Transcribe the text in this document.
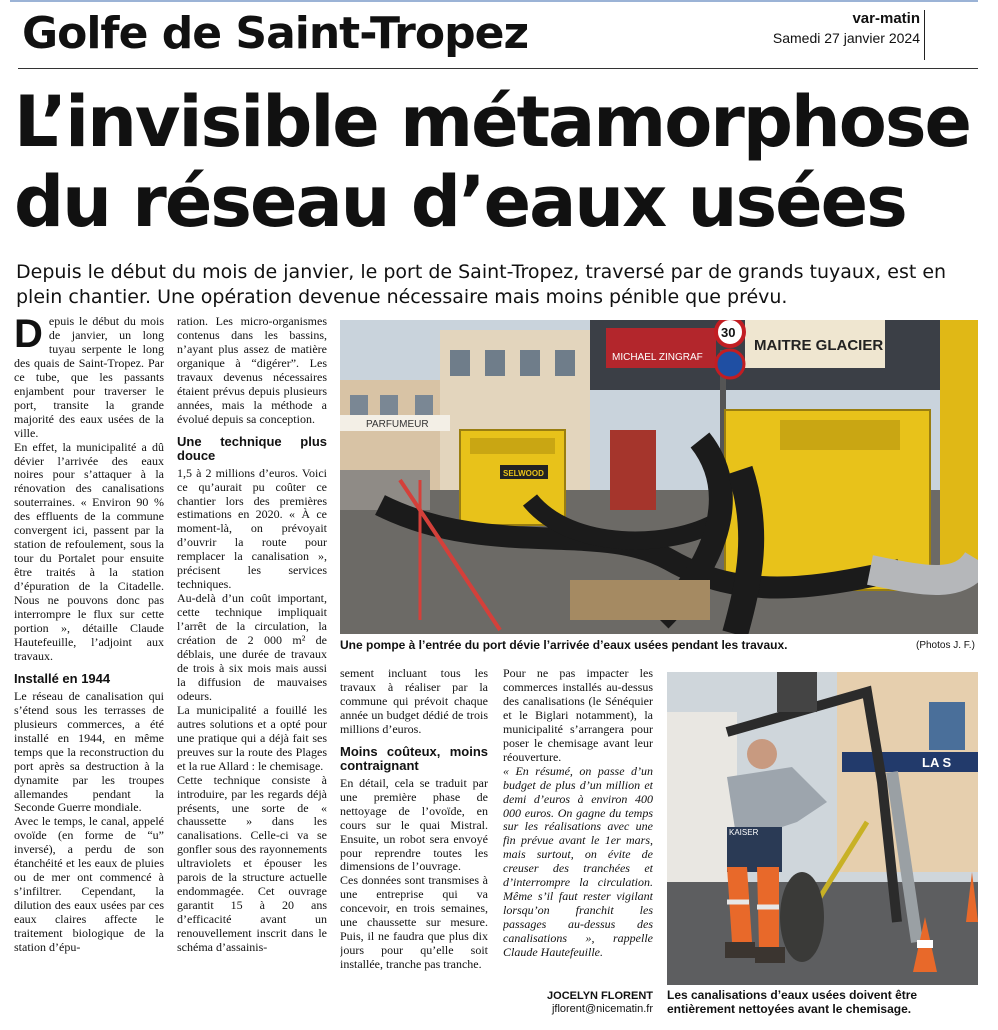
Golfe de Saint-Tropez	var-matin
Samedi 27 janvier 2024
L’invisible métamorphose
du réseau d’eaux usées
Depuis le début du mois de janvier, le port de Saint-Tropez, traversé par de grands tuyaux, est en plein chantier. Une opération devenue nécessaire mais moins pénible que prévu.

Depuis le début du mois de janvier, un long tuyau serpente le long des quais de Saint-Tropez. Par ce tube, que les passants enjambent pour traverser le port, transite la grande majorité des eaux usées de la ville.

En effet, la municipalité a dû dévier l’arrivée des eaux noires pour s’attaquer à la rénovation des canalisations souterraines. « Environ 90 % des effluents de la commune convergent ici, passent par la station de refoulement, sous la tour du Portalet pour ensuite être traités à la station d’épuration de la Citadelle. Nous ne pouvons donc pas interrompre le flux sur cette portion », détaille Claude Hautefeuille, l’adjoint aux travaux.

Installé en 1944

Le réseau de canalisation qui s’étend sous les terrasses de plusieurs commerces, a été installé en 1944, en même temps que la reconstruction du port après sa destruction à la dynamite par les troupes allemandes pendant la Seconde Guerre mondiale.

Avec le temps, le canal, appelé ovoïde (en forme de “u” inversé), a perdu de son étanchéité et les eaux de pluies ou de mer ont commencé à s’infiltrer. Cependant, la dilution des eaux usées par ces eaux claires affecte le traitement biologique de la station d’épu-

ration. Les micro-organismes contenus dans les bassins, n’ayant plus assez de matière organique à “digérer”. Les travaux devenus nécessaires étaient prévus depuis plusieurs années, mais la méthode a évolué depuis sa conception.

Une technique plus douce

1,5 à 2 millions d’euros. Voici ce qu’aurait pu coûter ce chantier lors des premières estimations en 2020. « À ce moment-là, on prévoyait d’ouvrir la route pour remplacer la canalisation », précisent les services techniques.

Au-delà d’un coût important, cette technique impliquait l’arrêt de la circulation, la création de 2 000 m² de déblais, une durée de travaux de trois à six mois mais aussi la diffusion de mauvaises odeurs.

La municipalité a fouillé les autres solutions et a opté pour une pratique qui a déjà fait ses preuves sur la route des Plages et la rue Allard : le chemisage.

Cette technique consiste à introduire, par les regards déjà présents, une sorte de « chaussette » dans les canalisations. Celle-ci va se gonfler sous des rayonnements ultraviolets et épouser les parois de la structure actuelle endommagée. Cet ouvrage garantit 15 à 20 ans d’efficacité avant un renouvellement inscrit dans le schéma d’assainis-

PARFUMEUR
MICHAEL ZINGRAF
MAITRE GLACIER
30
SELWOOD
Une pompe à l’entrée du port dévie l’arrivée d’eaux usées pendant les travaux.	(Photos J. F.)

sement incluant tous les travaux à réaliser par la commune qui prévoit chaque année un budget dédié de trois millions d’euros.

Moins coûteux, moins contraignant

En détail, cela se traduit par une première phase de nettoyage de l’ovoïde, en cours sur le quai Mistral. Ensuite, un robot sera envoyé pour reprendre toutes les dimensions de l’ouvrage.

Ces données sont transmises à une entreprise qui va concevoir, en trois semaines, une chaussette sur mesure. Puis, il ne faudra que plus dix jours pour qu’elle soit installée, tranche pas tranche.

Pour ne pas impacter les commerces installés au-dessus des canalisations (le Sénéquier et le Biglari notamment), la municipalité s’arrangera pour poser le chemisage avant leur réouverture.

« En résumé, on passe d’un budget de plus d’un million et demi d’euros à environ 400 000 euros. On gagne du temps sur les réalisations avec une fin prévue avant le 1er mars, mais surtout, on évite de creuser des tranchées et d’interrompre la circulation. Même s’il faut rester vigilant lorsqu’on franchit les passages au-dessus des canalisations », rappelle Claude Hautefeuille.

JOCELYN FLORENT
jflorent@nicematin.fr
LA S
KAISER
Les canalisations d’eaux usées doivent être entièrement nettoyées avant le chemisage.
